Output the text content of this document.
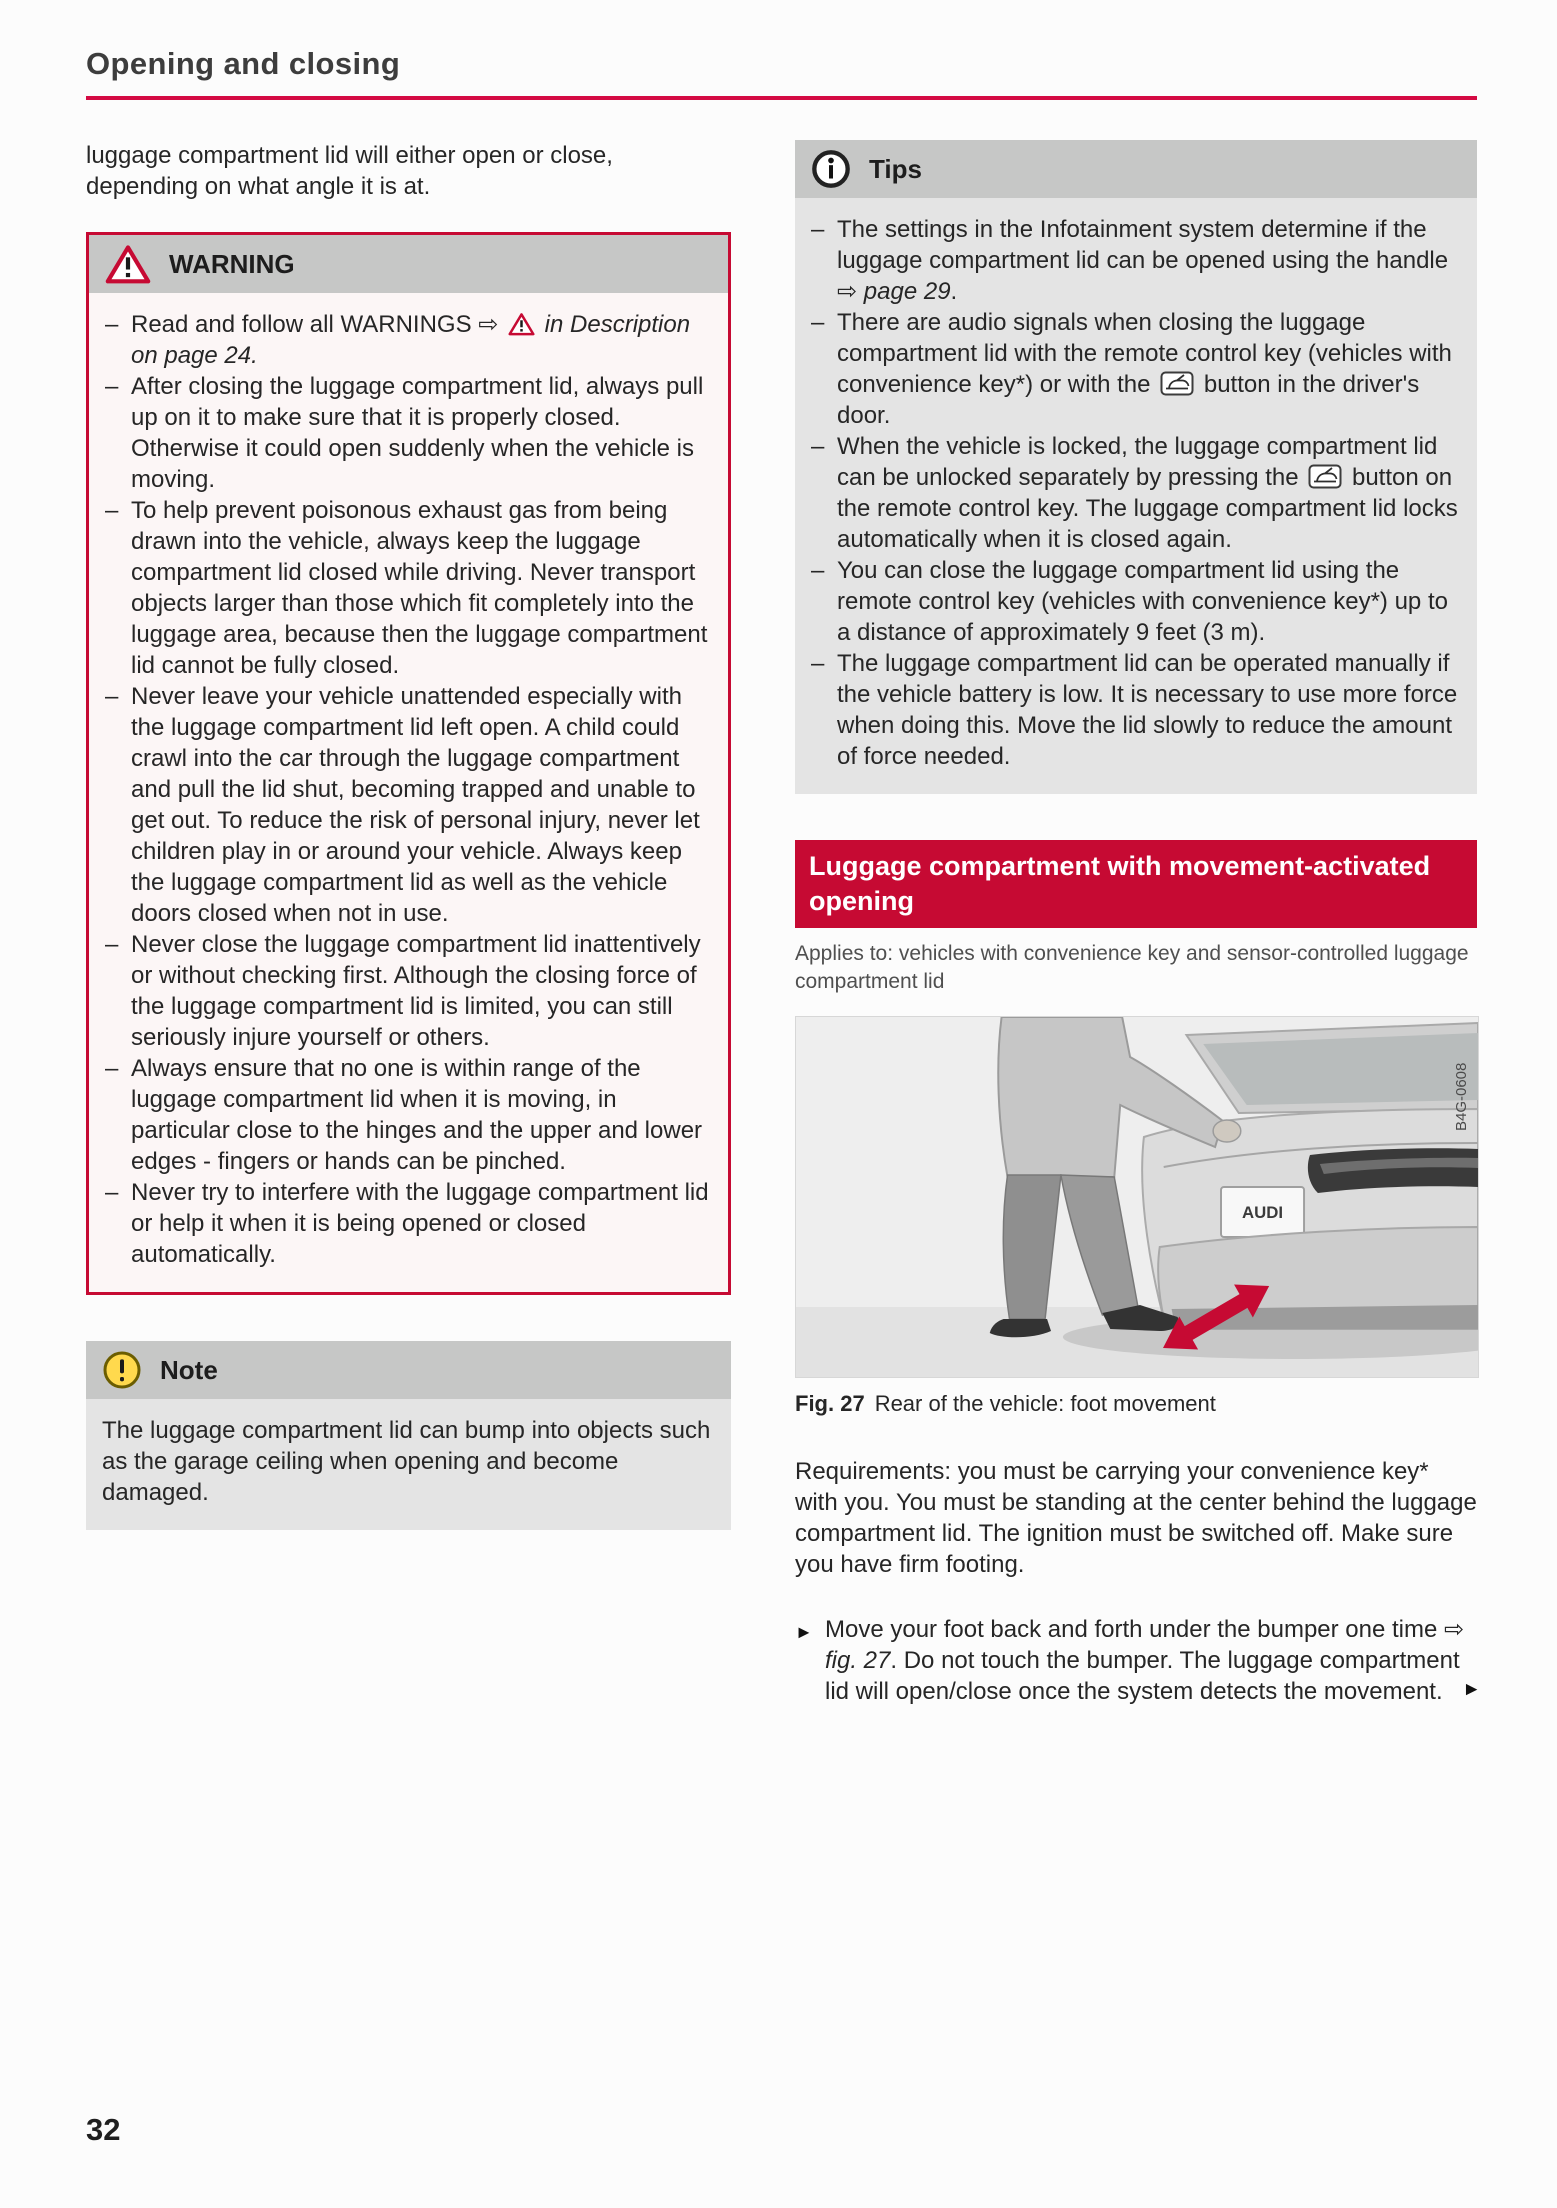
Opening and closing

luggage compartment lid will either open or close, depending on what angle it is at.

WARNING
– Read and follow all WARNINGS ⇨  in Description on page 24.
– After closing the luggage compartment lid, always pull up on it to make sure that it is properly closed. Otherwise it could open suddenly when the vehicle is moving.
– To help prevent poisonous exhaust gas from being drawn into the vehicle, always keep the luggage compartment lid closed while driving. Never transport objects larger than those which fit completely into the luggage area, because then the luggage compartment lid cannot be fully closed.
– Never leave your vehicle unattended especially with the luggage compartment lid left open. A child could crawl into the car through the luggage compartment and pull the lid shut, becoming trapped and unable to get out. To reduce the risk of personal injury, never let children play in or around your vehicle. Always keep the luggage compartment lid as well as the vehicle doors closed when not in use.
– Never close the luggage compartment lid inattentively or without checking first. Although the closing force of the luggage compartment lid is limited, you can still seriously injure yourself or others.
– Always ensure that no one is within range of the luggage compartment lid when it is moving, in particular close to the hinges and the upper and lower edges - fingers or hands can be pinched.
– Never try to interfere with the luggage compartment lid or help it when it is being opened or closed automatically.
Note
The luggage compartment lid can bump into objects such as the garage ceiling when opening and become damaged.
Tips
– The settings in the Infotainment system determine if the luggage compartment lid can be opened using the handle ⇨ page 29.
– There are audio signals when closing the luggage compartment lid with the remote control key (vehicles with convenience key*) or with the  button in the driver's door.
– When the vehicle is locked, the luggage compartment lid can be unlocked separately by pressing the  button on the remote control key. The luggage compartment lid locks automatically when it is closed again.
– You can close the luggage compartment lid using the remote control key (vehicles with convenience key*) up to a distance of approximately 9 feet (3 m).
– The luggage compartment lid can be operated manually if the vehicle battery is low. It is necessary to use more force when doing this. Move the lid slowly to reduce the amount of force needed.
Luggage compartment with movement-activated opening
Applies to: vehicles with convenience key and sensor-controlled luggage compartment lid
AUDI
B4G-0608
Fig. 27 Rear of the vehicle: foot movement

Requirements: you must be carrying your convenience key* with you. You must be standing at the center behind the luggage compartment lid. The ignition must be switched off. Make sure you have firm footing.

► Move your foot back and forth under the bumper one time ⇨ fig. 27. Do not touch the bumper. The luggage compartment lid will open/close once the system detects the movement.	►
32
